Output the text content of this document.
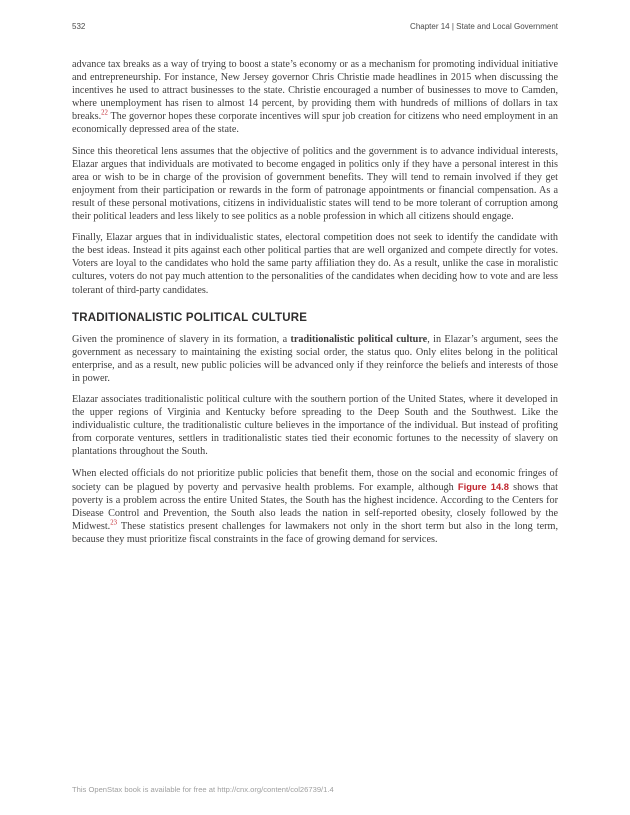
532	Chapter 14 | State and Local Government

advance tax breaks as a way of trying to boost a state’s economy or as a mechanism for promoting individual initiative and entrepreneurship. For instance, New Jersey governor Chris Christie made headlines in 2015 when discussing the incentives he used to attract businesses to the state. Christie encouraged a number of businesses to move to Camden, where unemployment has risen to almost 14 percent, by providing them with hundreds of millions of dollars in tax breaks.$^{22}$ The governor hopes these corporate incentives will spur job creation for citizens who need employment in an economically depressed area of the state.

Since this theoretical lens assumes that the objective of politics and the government is to advance individual interests, Elazar argues that individuals are motivated to become engaged in politics only if they have a personal interest in this area or wish to be in charge of the provision of government benefits. They will tend to remain involved if they get enjoyment from their participation or rewards in the form of patronage appointments or financial compensation. As a result of these personal motivations, citizens in individualistic states will tend to be more tolerant of corruption among their political leaders and less likely to see politics as a noble profession in which all citizens should engage.

Finally, Elazar argues that in individualistic states, electoral competition does not seek to identify the candidate with the best ideas. Instead it pits against each other political parties that are well organized and compete directly for votes. Voters are loyal to the candidates who hold the same party affiliation they do. As a result, unlike the case in moralistic cultures, voters do not pay much attention to the personalities of the candidates when deciding how to vote and are less tolerant of third-party candidates.

TRADITIONALISTIC POLITICAL CULTURE

Given the prominence of slavery in its formation, a traditionalistic political culture, in Elazar’s argument, sees the government as necessary to maintaining the existing social order, the status quo. Only elites belong in the political enterprise, and as a result, new public policies will be advanced only if they reinforce the beliefs and interests of those in power.

Elazar associates traditionalistic political culture with the southern portion of the United States, where it developed in the upper regions of Virginia and Kentucky before spreading to the Deep South and the Southwest. Like the individualistic culture, the traditionalistic culture believes in the importance of the individual. But instead of profiting from corporate ventures, settlers in traditionalistic states tied their economic fortunes to the necessity of slavery on plantations throughout the South.

When elected officials do not prioritize public policies that benefit them, those on the social and economic fringes of society can be plagued by poverty and pervasive health problems. For example, although Figure 14.8 shows that poverty is a problem across the entire United States, the South has the highest incidence. According to the Centers for Disease Control and Prevention, the South also leads the nation in self-reported obesity, closely followed by the Midwest.$^{23}$ These statistics present challenges for lawmakers not only in the short term but also in the long term, because they must prioritize fiscal constraints in the face of growing demand for services.

This OpenStax book is available for free at http://cnx.org/content/col26739/1.4
